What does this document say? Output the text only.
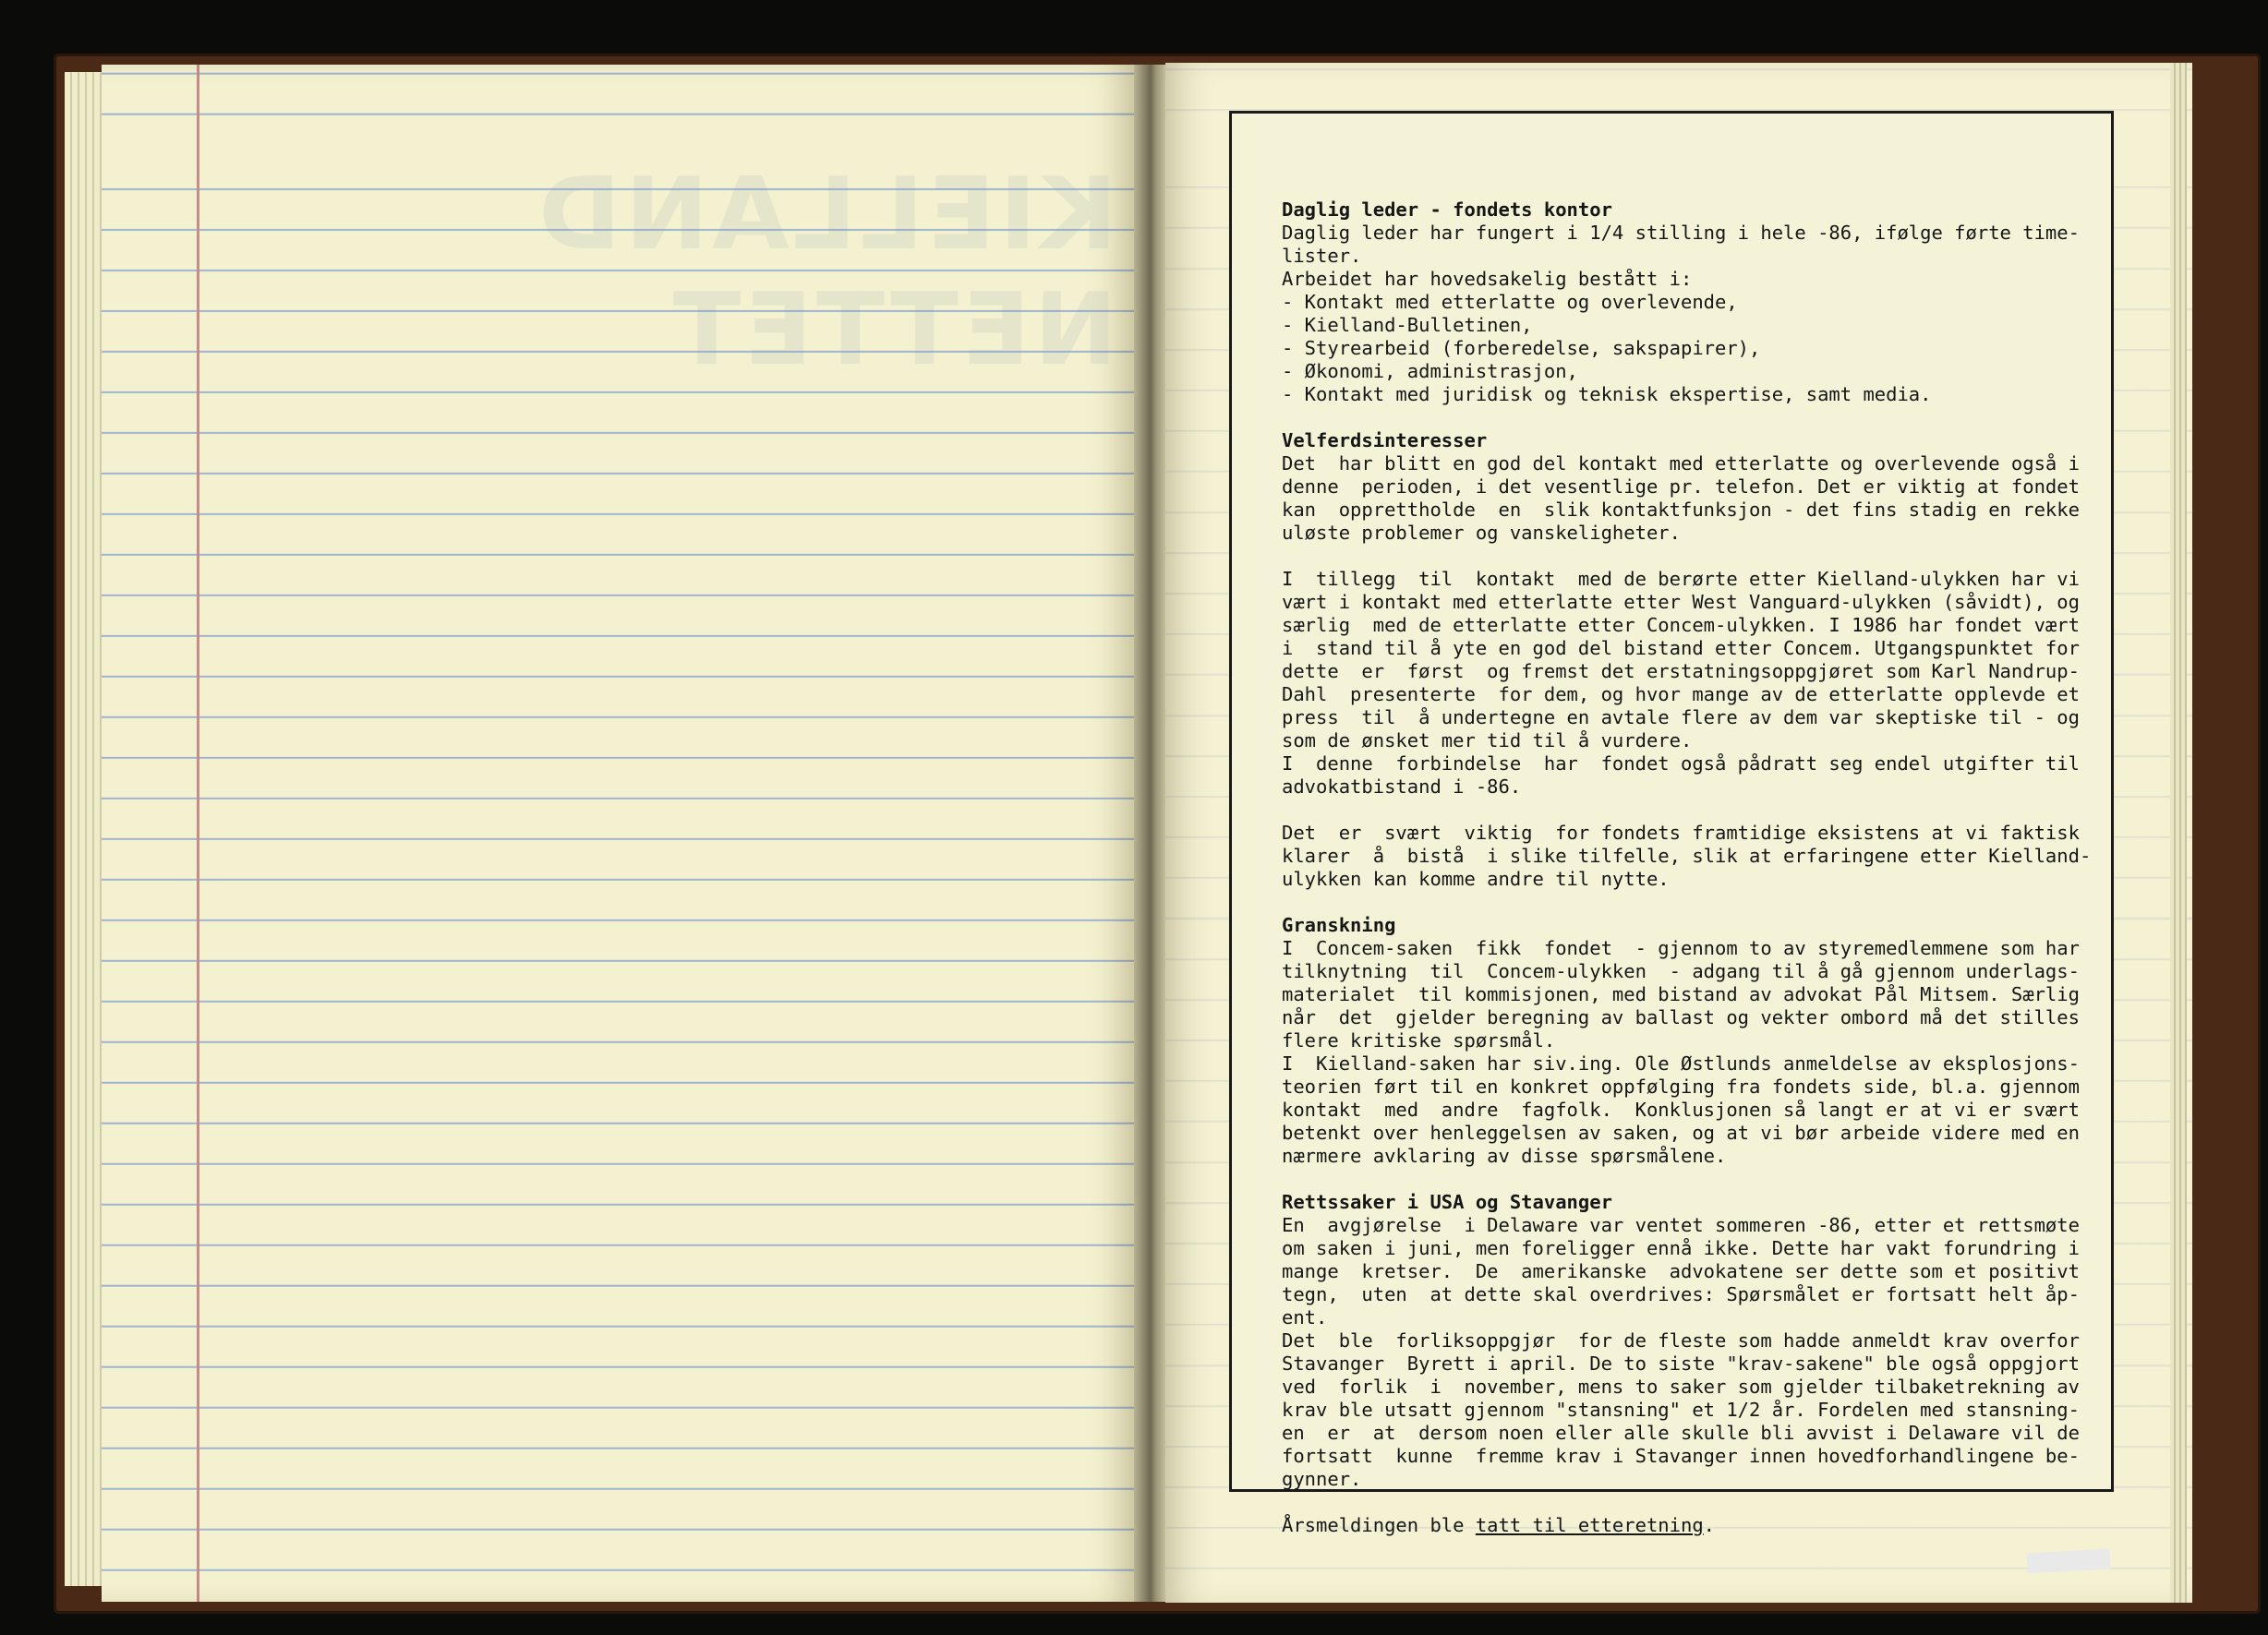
KIELLAND
NETTET
Daglig leder - fondets kontor
Daglig leder har fungert i 1/4 stilling i hele -86, ifølge førte time-
lister.
Arbeidet har hovedsakelig bestått i:
- Kontakt med etterlatte og overlevende,
- Kielland-Bulletinen,
- Styrearbeid (forberedelse, sakspapirer),
- Økonomi, administrasjon,
- Kontakt med juridisk og teknisk ekspertise, samt media.
Velferdsinteresser
Det  har blitt en god del kontakt med etterlatte og overlevende også i
denne  perioden, i det vesentlige pr. telefon. Det er viktig at fondet
kan  opprettholde  en  slik kontaktfunksjon - det fins stadig en rekke
uløste problemer og vanskeligheter.
I  tillegg  til  kontakt  med de berørte etter Kielland-ulykken har vi
vært i kontakt med etterlatte etter West Vanguard-ulykken (såvidt), og
særlig  med de etterlatte etter Concem-ulykken. I 1986 har fondet vært
i  stand til å yte en god del bistand etter Concem. Utgangspunktet for
dette  er  først  og fremst det erstatningsoppgjøret som Karl Nandrup-
Dahl  presenterte  for dem, og hvor mange av de etterlatte opplevde et
press  til  å undertegne en avtale flere av dem var skeptiske til - og
som de ønsket mer tid til å vurdere.
I  denne  forbindelse  har  fondet også pådratt seg endel utgifter til
advokatbistand i -86.
Det  er  svært  viktig  for fondets framtidige eksistens at vi faktisk
klarer  å  bistå  i slike tilfelle, slik at erfaringene etter Kielland-
ulykken kan komme andre til nytte.
Granskning
I  Concem-saken  fikk  fondet  - gjennom to av styremedlemmene som har
tilknytning  til  Concem-ulykken  - adgang til å gå gjennom underlags-
materialet  til kommisjonen, med bistand av advokat Pål Mitsem. Særlig
når  det  gjelder beregning av ballast og vekter ombord må det stilles
flere kritiske spørsmål.
I  Kielland-saken har siv.ing. Ole Østlunds anmeldelse av eksplosjons-
teorien ført til en konkret oppfølging fra fondets side, bl.a. gjennom
kontakt  med  andre  fagfolk.  Konklusjonen så langt er at vi er svært
betenkt over henleggelsen av saken, og at vi bør arbeide videre med en
nærmere avklaring av disse spørsmålene.
Rettssaker i USA og Stavanger
En  avgjørelse  i Delaware var ventet sommeren -86, etter et rettsmøte
om saken i juni, men foreligger ennå ikke. Dette har vakt forundring i
mange  kretser.  De  amerikanske  advokatene ser dette som et positivt
tegn,  uten  at dette skal overdrives: Spørsmålet er fortsatt helt åp-
ent.
Det  ble  forliksoppgjør  for de fleste som hadde anmeldt krav overfor
Stavanger  Byrett i april. De to siste "krav-sakene" ble også oppgjort
ved  forlik  i  november, mens to saker som gjelder tilbaketrekning av
krav ble utsatt gjennom "stansning" et 1/2 år. Fordelen med stansning-
en  er  at  dersom noen eller alle skulle bli avvist i Delaware vil de
fortsatt  kunne  fremme krav i Stavanger innen hovedforhandlingene be-
gynner.
Årsmeldingen ble tatt til etteretning.
